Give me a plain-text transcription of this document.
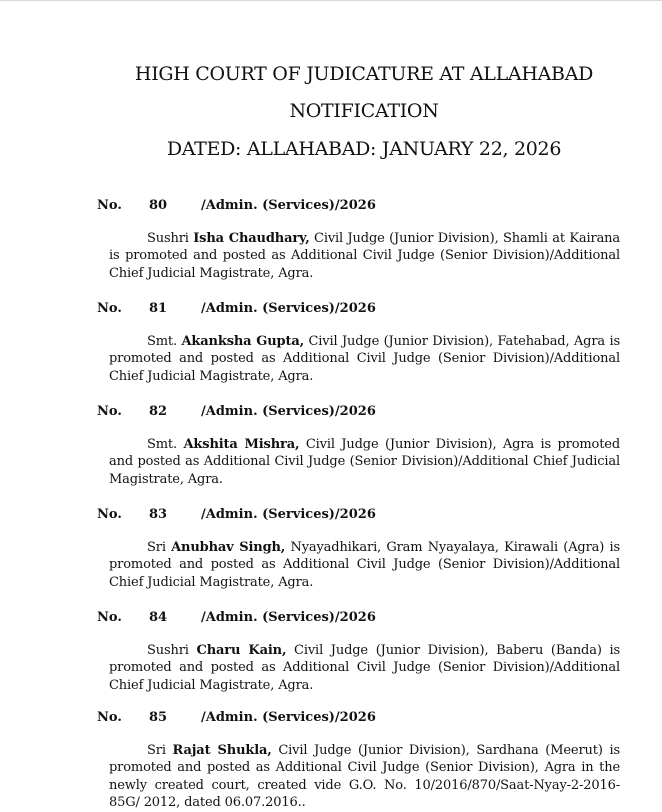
HIGH COURT OF JUDICATURE AT ALLAHABAD
NOTIFICATION
DATED: ALLAHABAD: JANUARY 22, 2026
No. 80	/Admin. (Services)/2026
Sushri Isha Chaudhary, Civil Judge (Junior Division), Shamli at Kairana is promoted and posted as Additional Civil Judge (Senior Division)/Additional Chief Judicial Magistrate, Agra.
No. 81	/Admin. (Services)/2026
Smt. Akanksha Gupta, Civil Judge (Junior Division), Fatehabad, Agra is promoted and posted as Additional Civil Judge (Senior Division)/Additional Chief Judicial Magistrate, Agra.
No. 82	/Admin. (Services)/2026
Smt. Akshita Mishra, Civil Judge (Junior Division), Agra is promoted and posted as Additional Civil Judge (Senior Division)/Additional Chief Judicial Magistrate, Agra.
No. 83	/Admin. (Services)/2026
Sri Anubhav Singh, Nyayadhikari, Gram Nyayalaya, Kirawali (Agra) is promoted and posted as Additional Civil Judge (Senior Division)/Additional Chief Judicial Magistrate, Agra.
No. 84	/Admin. (Services)/2026
Sushri Charu Kain, Civil Judge (Junior Division), Baberu (Banda) is promoted and posted as Additional Civil Judge (Senior Division)/Additional Chief Judicial Magistrate, Agra.
No. 85	/Admin. (Services)/2026
Sri Rajat Shukla, Civil Judge (Junior Division), Sardhana (Meerut) is promoted and posted as Additional Civil Judge (Senior Division), Agra in the newly created court, created vide G.O. No. 10/2016/870/Saat-Nyay-2-2016-85G/ 2012, dated 06.07.2016..
